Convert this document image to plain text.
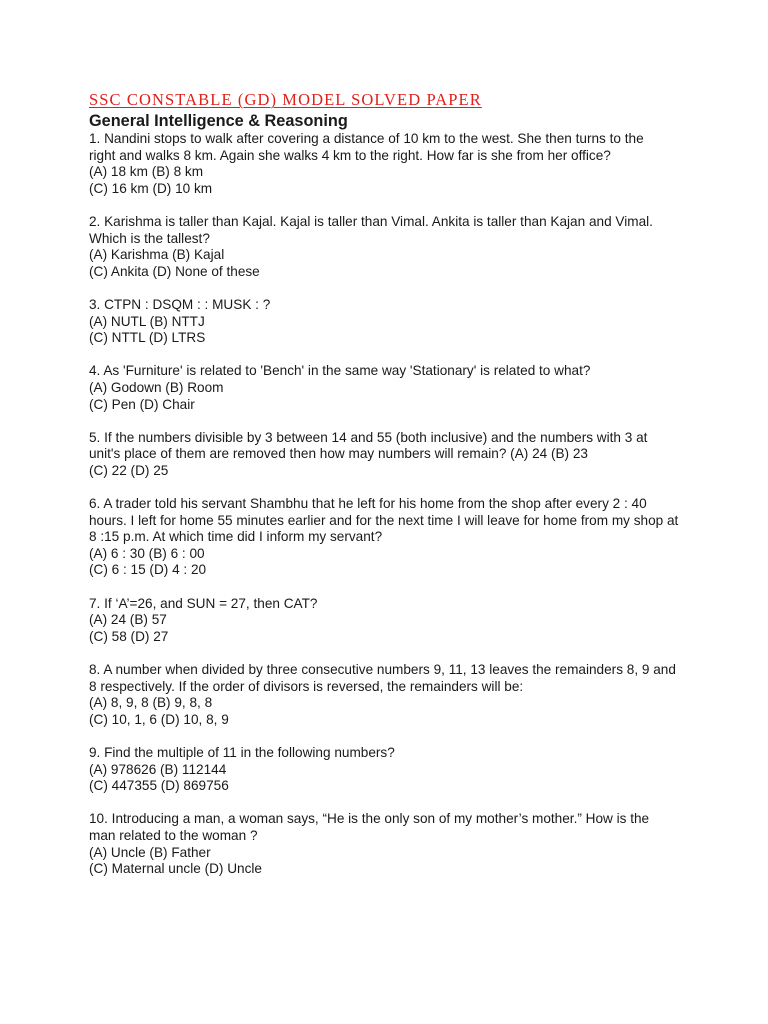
SSC CONSTABLE (GD) MODEL SOLVED PAPER
General Intelligence & Reasoning
1. Nandini stops to walk after covering a distance of 10 km to the west. She then turns to the right and walks 8 km. Again she walks 4 km to the right. How far is she from her office?
(A) 18 km (B) 8 km
(C) 16 km (D) 10 km
2. Karishma is taller than Kajal. Kajal is taller than Vimal. Ankita is taller than Kajan and Vimal. Which is the tallest?
(A) Karishma (B) Kajal
(C) Ankita (D) None of these
3. CTPN : DSQM : : MUSK : ?
(A) NUTL (B) NTTJ
(C) NTTL (D) LTRS
4. As 'Furniture' is related to 'Bench' in the same way 'Stationary' is related to what?
(A) Godown (B) Room
(C) Pen (D) Chair
5. If the numbers divisible by 3 between 14 and 55 (both inclusive) and the numbers with 3 at unit's place of them are removed then how may numbers will remain? (A) 24 (B) 23
(C) 22 (D) 25
6. A trader told his servant Shambhu that he left for his home from the shop after every 2 : 40 hours. I left for home 55 minutes earlier and for the next time I will leave for home from my shop at 8 :15 p.m. At which time did I inform my servant?
(A) 6 : 30 (B) 6 : 00
(C) 6 : 15 (D) 4 : 20
7. If ‘A’=26, and SUN = 27, then CAT?
(A) 24 (B) 57
(C) 58 (D) 27
8. A number when divided by three consecutive numbers 9, 11, 13 leaves the remainders 8, 9 and 8 respectively. If the order of divisors is reversed, the remainders will be:
(A) 8, 9, 8 (B) 9, 8, 8
(C) 10, 1, 6 (D) 10, 8, 9
9. Find the multiple of 11 in the following numbers?
(A) 978626 (B) 112144
(C) 447355 (D) 869756
10. Introducing a man, a woman says, “He is the only son of my mother’s mother.” How is the man related to the woman ?
(A) Uncle (B) Father
(C) Maternal uncle (D) Uncle
